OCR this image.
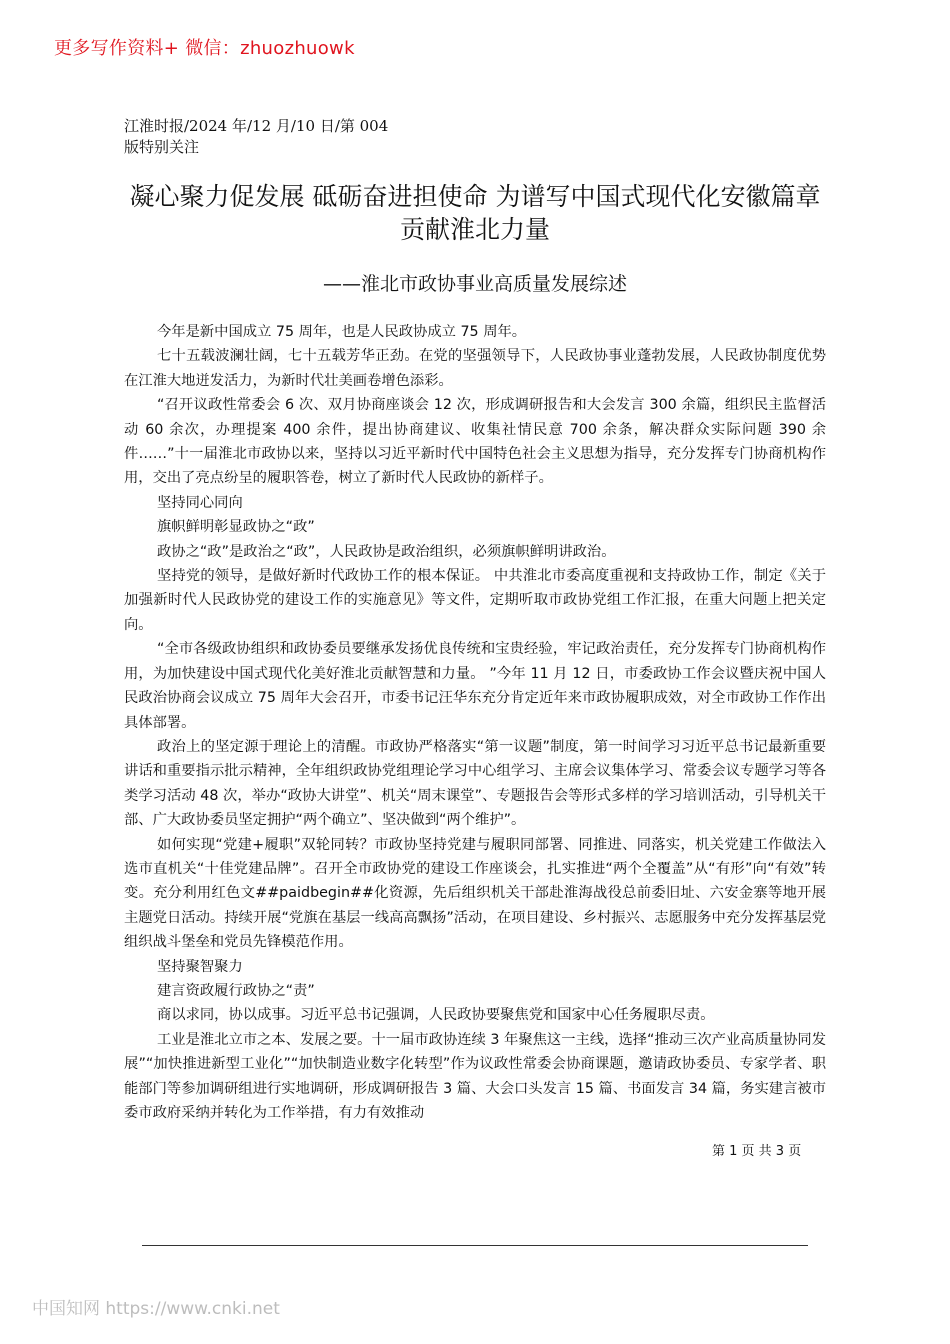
更多写作资料+ 微信：zhuozhuowk
江淮时报/2024 年/12 月/10 日/第 004 版特别关注
凝心聚力促发展 砥砺奋进担使命 为谱写中国式现代化安徽篇章贡献淮北力量
——淮北市政协事业高质量发展综述

今年是新中国成立 75 周年，也是人民政协成立 75 周年。

七十五载波澜壮阔，七十五载芳华正劲。在党的坚强领导下，人民政协事业蓬勃发展，人民政协制度优势在江淮大地迸发活力，为新时代壮美画卷增色添彩。

“召开议政性常委会 6 次、双月协商座谈会 12 次，形成调研报告和大会发言 300 余篇，组织民主监督活动 60 余次，办理提案 400 余件，提出协商建议、收集社情民意 700 余条，解决群众实际问题 390 余件……”十一届淮北市政协以来，坚持以习近平新时代中国特色社会主义思想为指导，充分发挥专门协商机构作用，交出了亮点纷呈的履职答卷，树立了新时代人民政协的新样子。

坚持同心同向

旗帜鲜明彰显政协之“政”

政协之“政”是政治之“政”，人民政协是政治组织，必须旗帜鲜明讲政治。

坚持党的领导，是做好新时代政协工作的根本保证。 中共淮北市委高度重视和支持政协工作，制定《关于加强新时代人民政协党的建设工作的实施意见》等文件，定期听取市政协党组工作汇报，在重大问题上把关定向。

“全市各级政协组织和政协委员要继承发扬优良传统和宝贵经验，牢记政治责任，充分发挥专门协商机构作用，为加快建设中国式现代化美好淮北贡献智慧和力量。 ”今年 11 月 12 日，市委政协工作会议暨庆祝中国人民政治协商会议成立 75 周年大会召开，市委书记汪华东充分肯定近年来市政协履职成效，对全市政协工作作出具体部署。

政治上的坚定源于理论上的清醒。市政协严格落实“第一议题”制度，第一时间学习习近平总书记最新重要讲话和重要指示批示精神，全年组织政协党组理论学习中心组学习、主席会议集体学习、常委会议专题学习等各类学习活动 48 次，举办“政协大讲堂”、机关“周末课堂”、专题报告会等形式多样的学习培训活动，引导机关干部、广大政协委员坚定拥护“两个确立”、坚决做到“两个维护”。

如何实现“党建+履职”双轮同转？市政协坚持党建与履职同部署、同推进、同落实，机关党建工作做法入选市直机关“十佳党建品牌”。召开全市政协党的建设工作座谈会，扎实推进“两个全覆盖”从“有形”向“有效”转变。充分利用红色文##paidbegin##化资源，先后组织机关干部赴淮海战役总前委旧址、六安金寨等地开展主题党日活动。持续开展“党旗在基层一线高高飘扬”活动，在项目建设、乡村振兴、志愿服务中充分发挥基层党组织战斗堡垒和党员先锋模范作用。

坚持聚智聚力

建言资政履行政协之“责”

商以求同，协以成事。习近平总书记强调，人民政协要聚焦党和国家中心任务履职尽责。

工业是淮北立市之本、发展之要。十一届市政协连续 3 年聚焦这一主线，选择“推动三次产业高质量协同发展”“加快推进新型工业化”“加快制造业数字化转型”作为议政性常委会协商课题，邀请政协委员、专家学者、职能部门等参加调研组进行实地调研，形成调研报告 3 篇、大会口头发言 15 篇、书面发言 34 篇，务实建言被市委市政府采纳并转化为工作举措，有力有效推动

第 1 页 共 3 页
中国知网 https://www.cnki.net
